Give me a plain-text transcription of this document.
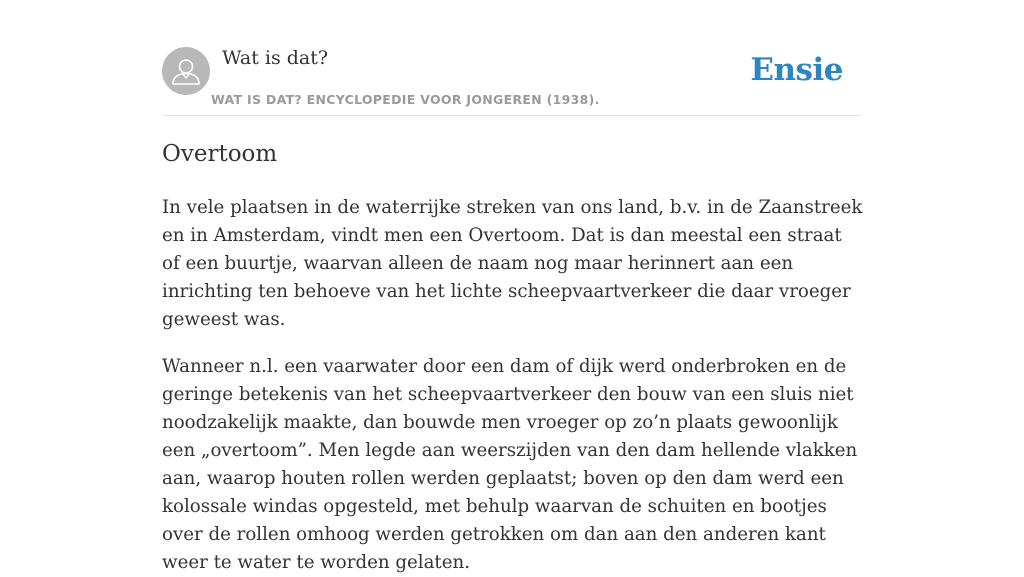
Wat is dat?
WAT IS DAT? ENCYCLOPEDIE VOOR JONGEREN (1938).
Ensie
Overtoom

In vele plaatsen in de waterrijke streken van ons land, b.v. in de Zaanstreek en in Amsterdam, vindt men een Overtoom. Dat is dan meestal een straat of een buurtje, waarvan alleen de naam nog maar herinnert aan een inrichting ten behoeve van het lichte scheepvaartverkeer die daar vroeger geweest was.

Wanneer n.l. een vaarwater door een dam of dijk werd onderbroken en de geringe betekenis van het scheepvaartverkeer den bouw van een sluis niet noodzakelijk maakte, dan bouwde men vroeger op zo’n plaats gewoonlijk een „overtoom”. Men legde aan weerszijden van den dam hellende vlakken aan, waarop houten rollen werden geplaatst; boven op den dam werd een kolossale windas opgesteld, met behulp waarvan de schuiten en bootjes over de rollen omhoog werden getrokken om dan aan den anderen kant weer te water te worden gelaten.
